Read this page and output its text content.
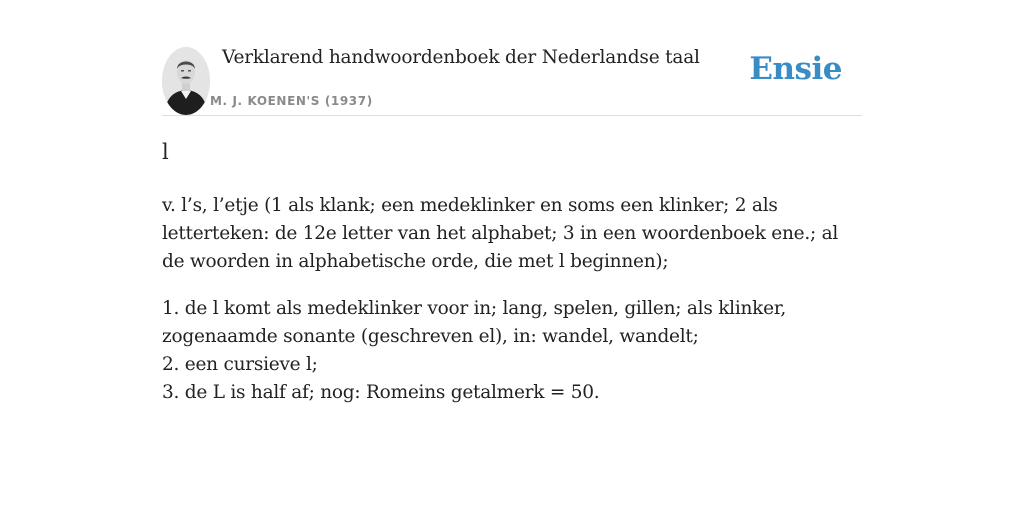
Verklarend handwoordenboek der Nederlandse taal
M. J. KOENEN'S (1937)
Ensie
l

v. l’s, l’etje (1 als klank; een medeklinker en soms een klinker; 2 als letterteken: de 12e letter van het alphabet; 3 in een woordenboek ene.; al de woorden in alphabetische orde, die met l beginnen);

1. de l komt als medeklinker voor in; lang, spelen, gillen; als klinker, zogenaamde sonante (geschreven el), in: wandel, wandelt;

2. een cursieve l;

3. de L is half af; nog: Romeins getalmerk = 50.
